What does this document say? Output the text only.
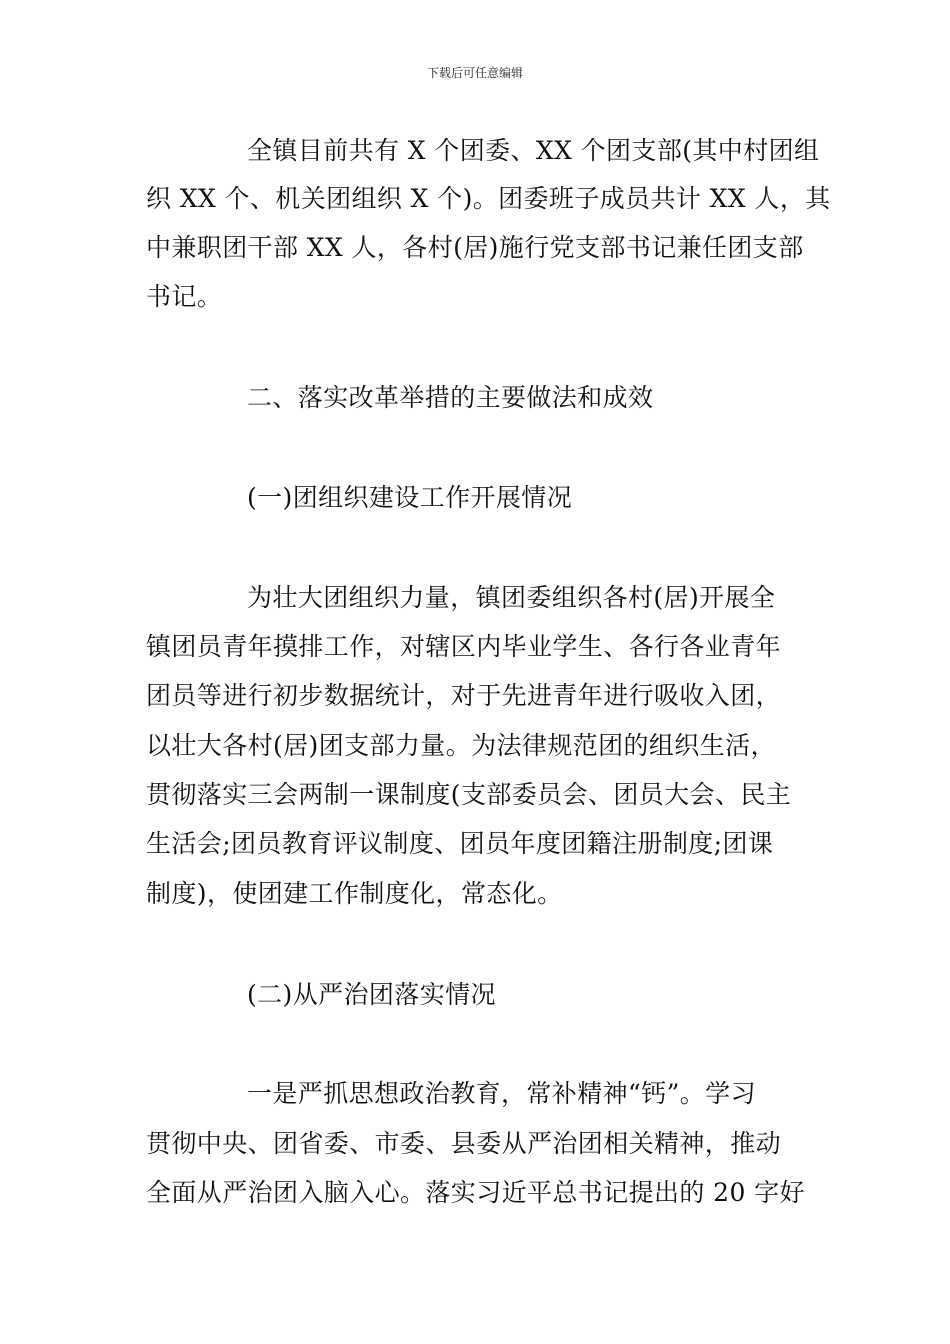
下载后可任意编辑
全镇目前共有 X 个团委、XX 个团支部(其中村团组
织 XX 个、机关团组织 X 个)。团委班子成员共计 XX 人，其
中兼职团干部 XX 人，各村(居)施行党支部书记兼任团支部
书记。
二、落实改革举措的主要做法和成效
(一)团组织建设工作开展情况
为壮大团组织力量，镇团委组织各村(居)开展全
镇团员青年摸排工作，对辖区内毕业学生、各行各业青年
团员等进行初步数据统计，对于先进青年进行吸收入团，
以壮大各村(居)团支部力量。为法律规范团的组织生活，
贯彻落实三会两制一课制度(支部委员会、团员大会、民主
生活会;团员教育评议制度、团员年度团籍注册制度;团课
制度)，使团建工作制度化，常态化。
(二)从严治团落实情况
一是严抓思想政治教育，常补精神“钙”。学习
贯彻中央、团省委、市委、县委从严治团相关精神，推动
全面从严治团入脑入心。落实习近平总书记提出的 20 字好
